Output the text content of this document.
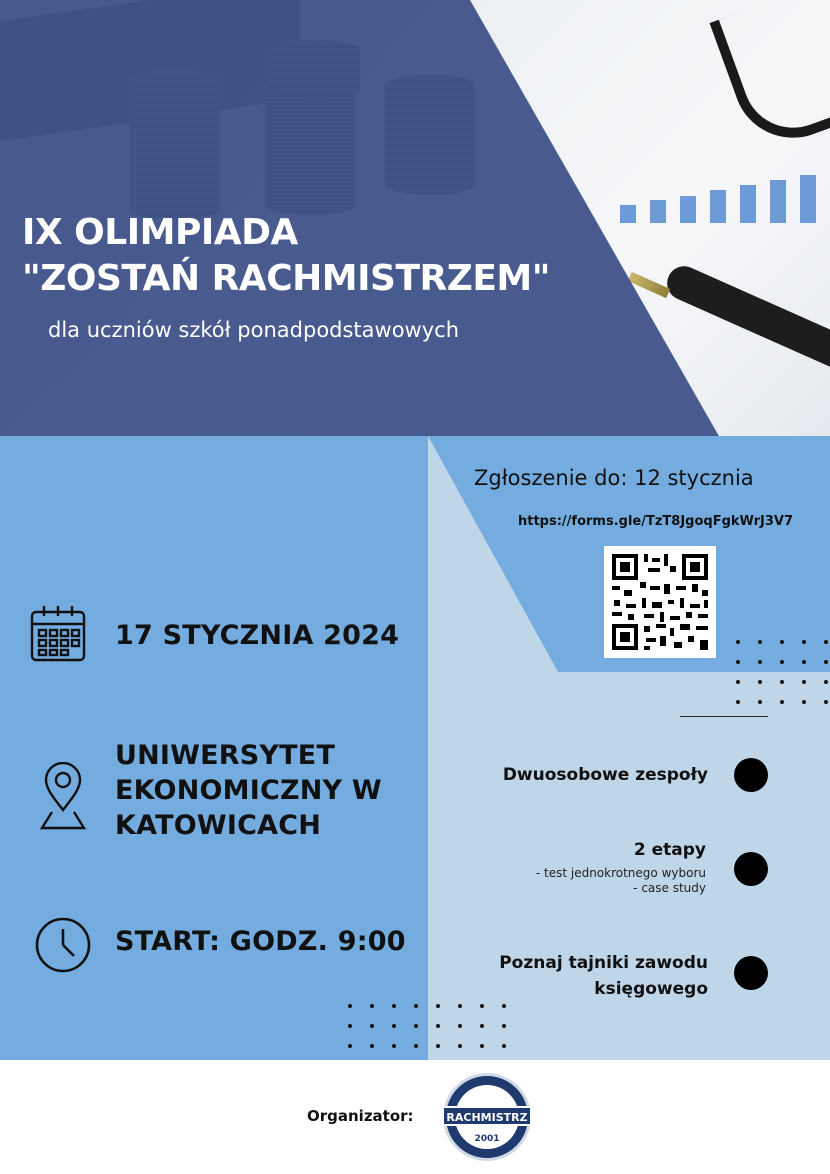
IX OLIMPIADA
"ZOSTAŃ RACHMISTRZEM"
dla uczniów szkół ponadpodstawowych
Zgłoszenie do: 12 stycznia
https://forms.gle/TzT8JgoqFgkWrJ3V7
17 STYCZNIA 2024
UNIWERSYTET
EKONOMICZNY W
KATOWICACH
START: GODZ. 9:00
Dwuosobowe zespoły
2 etapy
- test jednokrotnego wyboru
- case study
Poznaj tajniki zawodu
księgowego
Organizator:	RACHMISTRZ
2001
